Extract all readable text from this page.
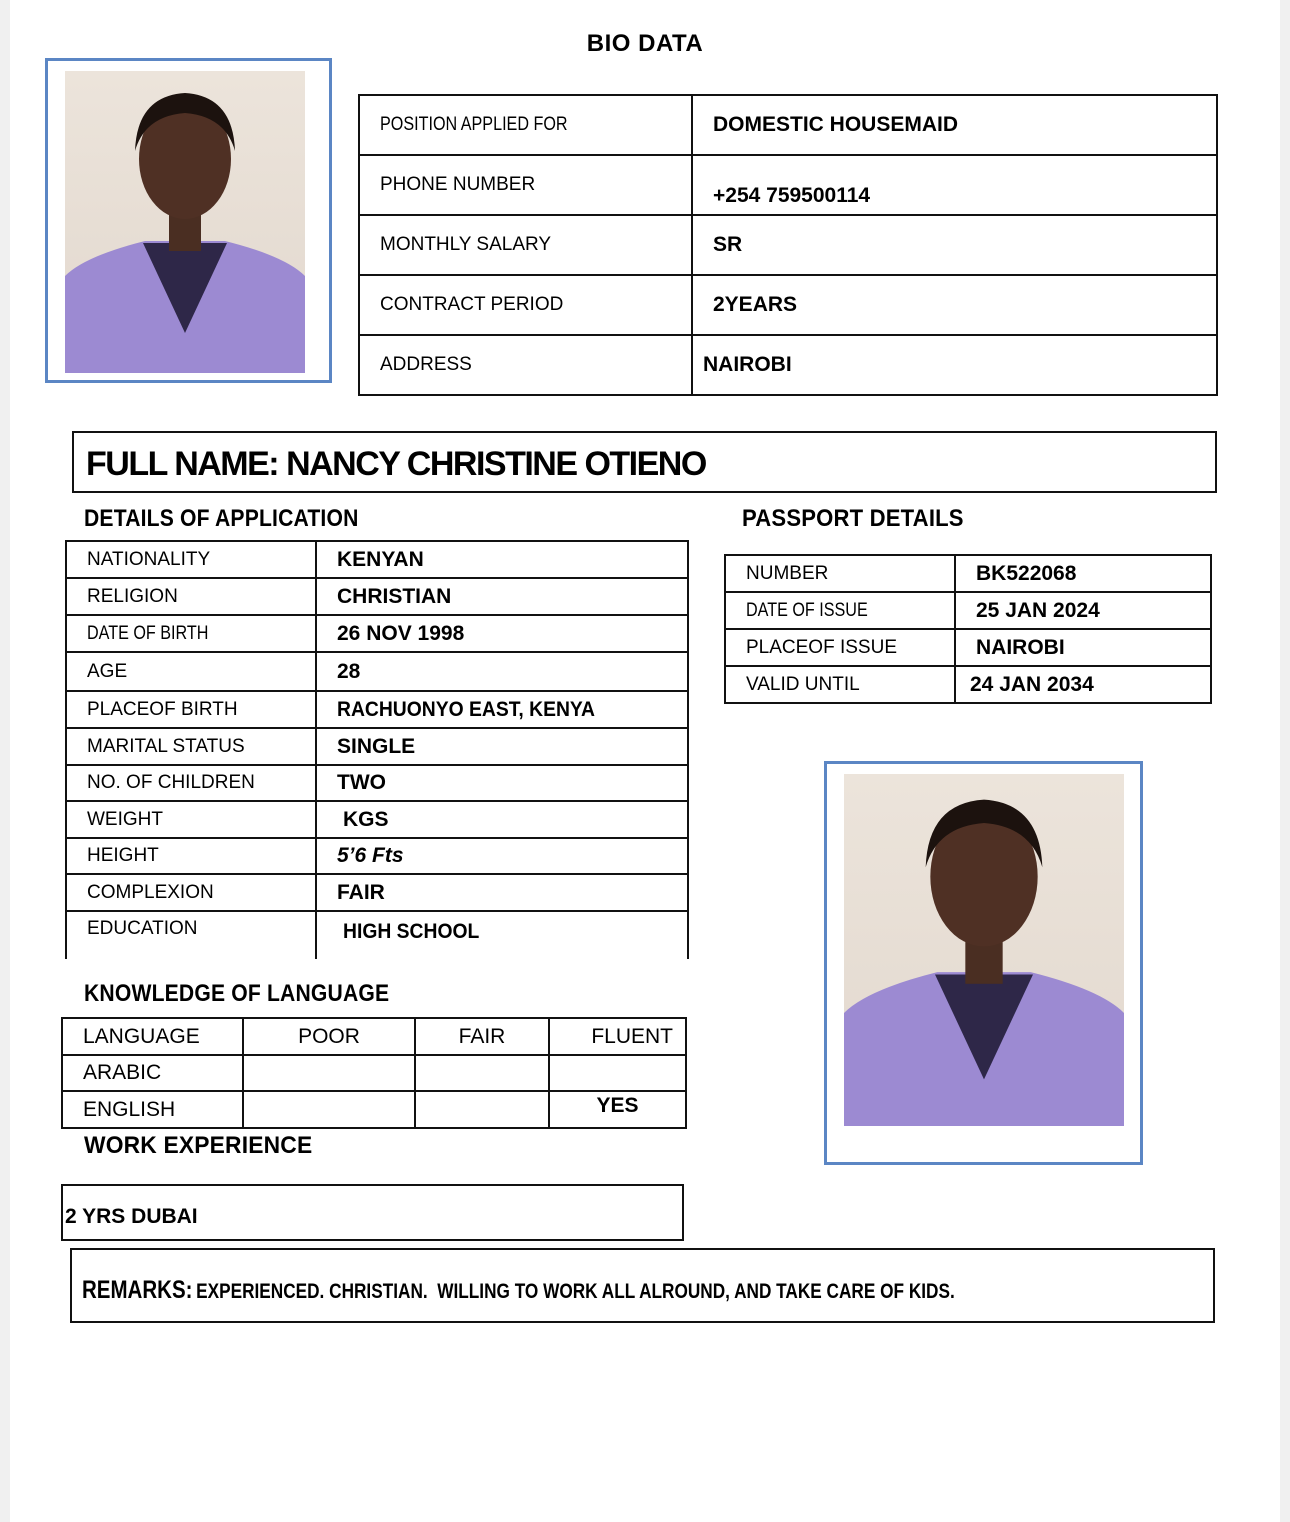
BIO DATA
POSITION APPLIED FOR	DOMESTIC HOUSEMAID
PHONE NUMBER	+254 759500114
MONTHLY SALARY	SR
CONTRACT PERIOD	2YEARS
ADDRESS	NAIROBI
FULL NAME: NANCY CHRISTINE OTIENO
DETAILS OF APPLICATION
NATIONALITY	KENYAN
RELIGION	CHRISTIAN
DATE OF BIRTH	26 NOV 1998
AGE	28
PLACEOF BIRTH	RACHUONYO EAST, KENYA
MARITAL STATUS	SINGLE
NO. OF CHILDREN	TWO
WEIGHT	KGS
HEIGHT	5’6 Fts
COMPLEXION	FAIR
EDUCATION	HIGH SCHOOL
PASSPORT DETAILS
NUMBER	BK522068
DATE OF ISSUE	25 JAN 2024
PLACEOF ISSUE	NAIROBI
VALID UNTIL	24 JAN 2034
KNOWLEDGE OF LANGUAGE
LANGUAGE	POOR	FAIR	FLUENT
ARABIC			
ENGLISH			YES
WORK EXPERIENCE
2 YRS DUBAI
REMARKS: EXPERIENCED. CHRISTIAN.  WILLING TO WORK ALL ALROUND, AND TAKE CARE OF KIDS.
